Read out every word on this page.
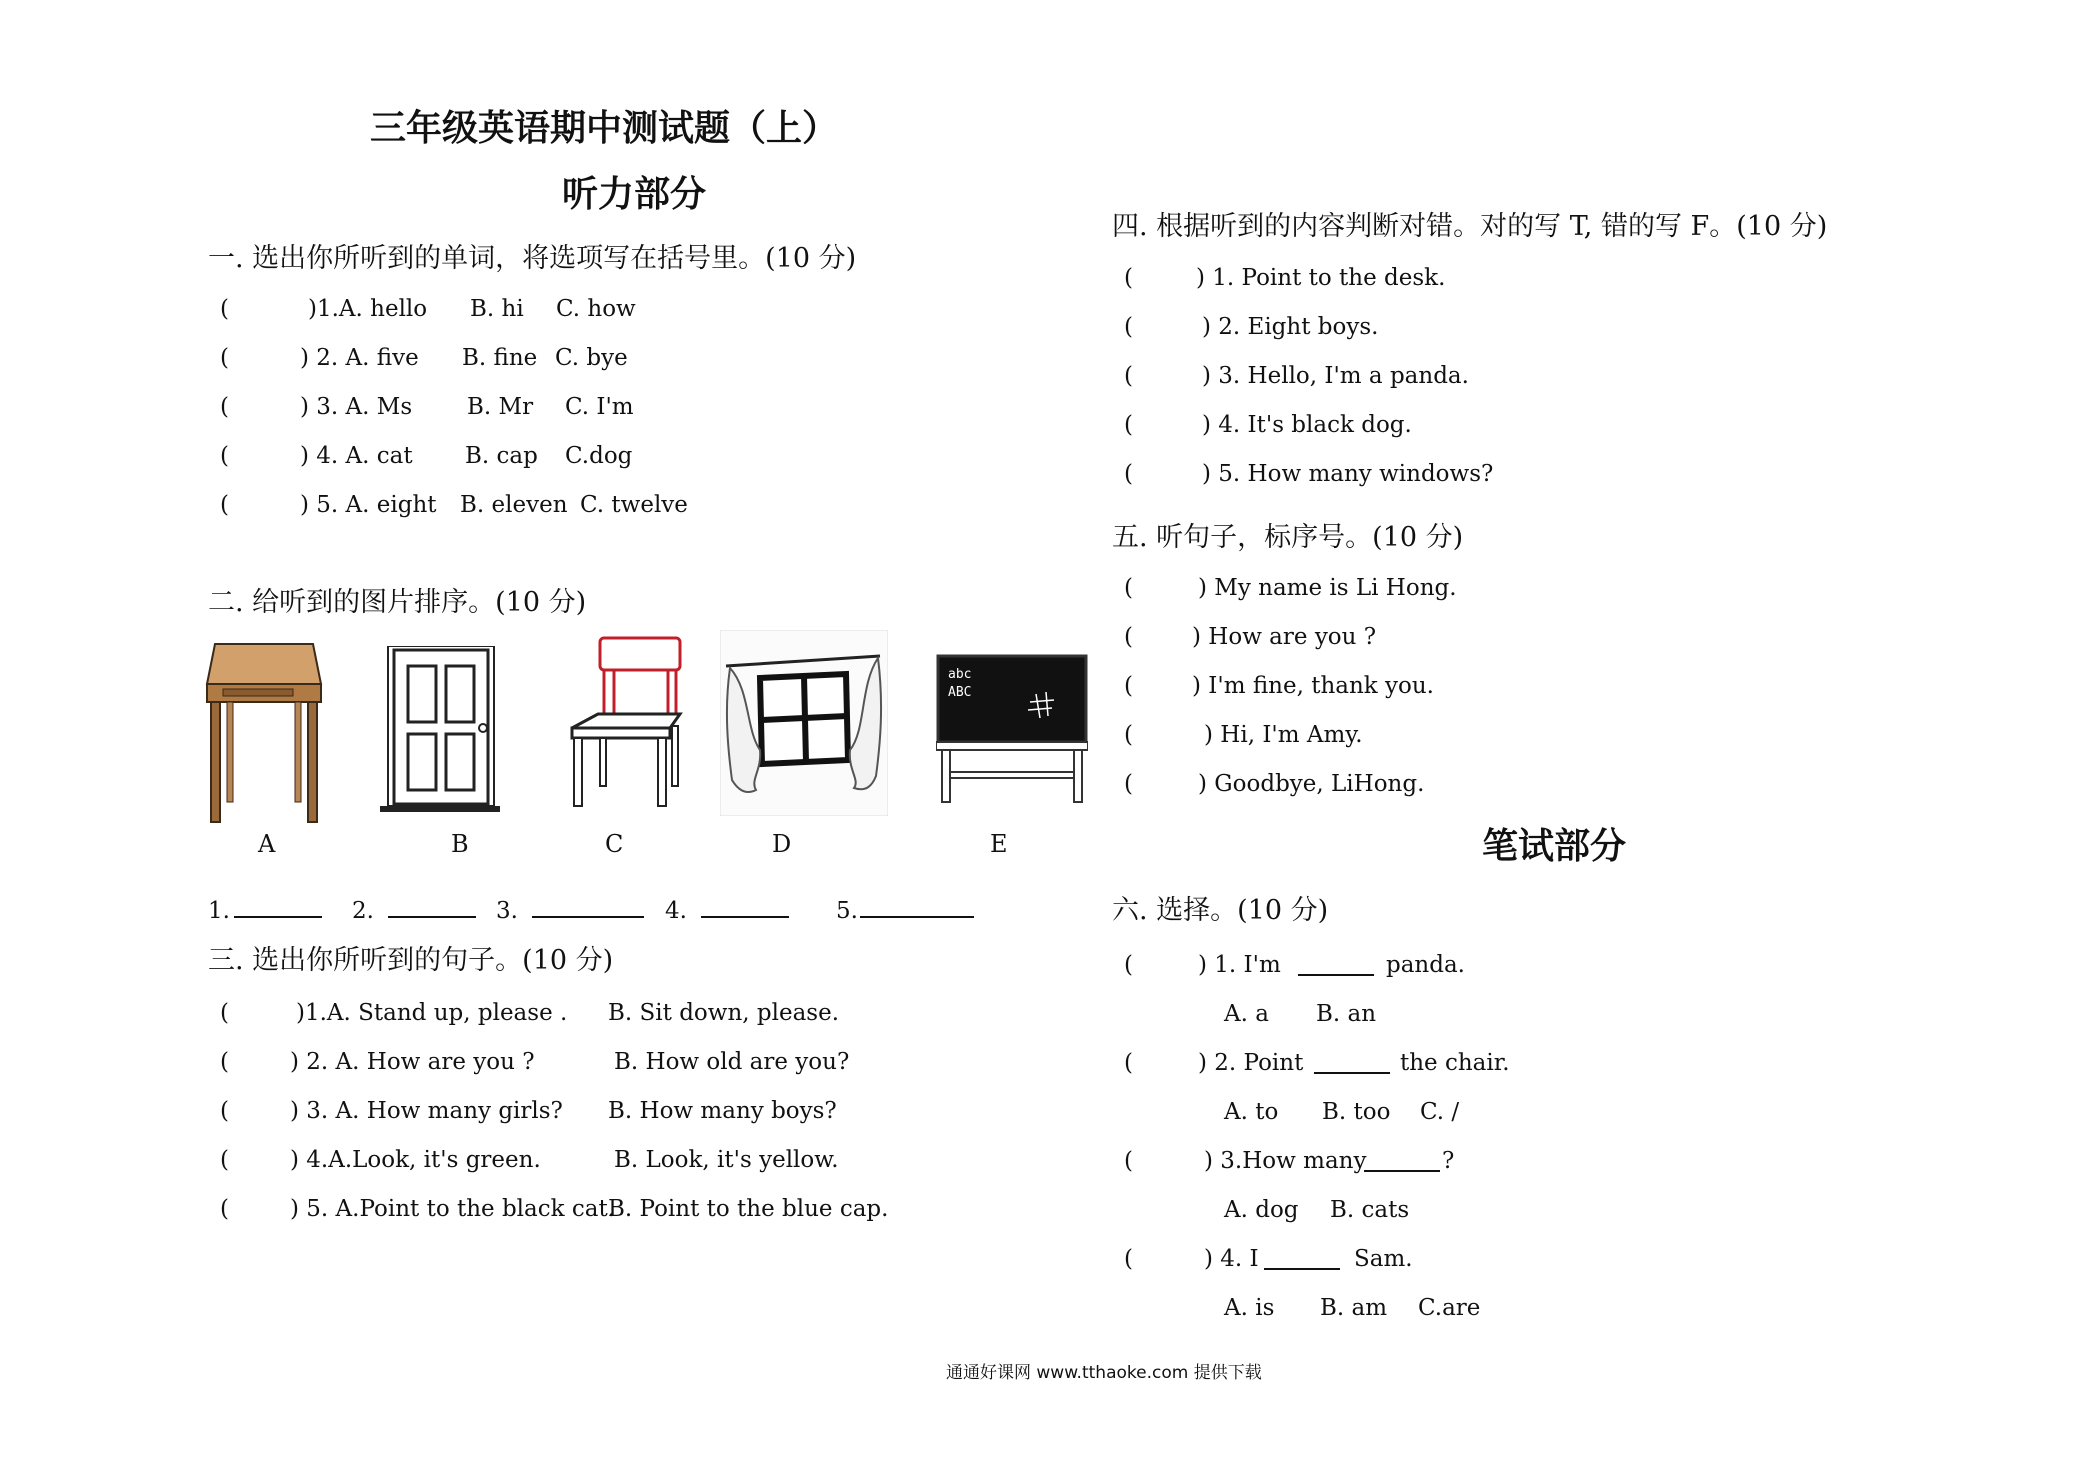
三年级英语期中测试题（上）
听力部分
一. 选出你所听到的单词，将选项写在括号里。(10 分)
(	)1.A. hello B. hi C. how
(	) 2. A. five B. fine C. bye
(	) 3. A. Ms B. Mr C. I'm
(	) 4. A. cat B. cap C.dog
(	) 5. A. eight B. eleven C. twelve
二. 给听到的图片排序。(10 分)
abc
ABC
A	B	C	D	E
1.	2.	3.	4.	5.
三. 选出你所听到的句子。(10 分)
(	)1.A. Stand up, please . B. Sit down, please.
(	) 2. A. How are you ?	B. How old are you?
(	) 3. A. How many girls? B. How many boys?
(	) 4.A.Look, it's green.	B. Look, it's yellow.
(	) 5. A.Point to the black cat.
B. Point to the blue cap.
四. 根据听到的内容判断对错。对的写 T, 错的写 F。(10 分)
(	) 1. Point to the desk.
(	) 2. Eight boys.
(	) 3. Hello, I'm a panda.
(	) 4. It's black dog.
(	) 5. How many windows?
五. 听句子，标序号。(10 分)
(	) My name is Li Hong.
(	) How are you ?
(	) I'm fine, thank you.
(	) Hi, I'm Amy.
(	) Goodbye, LiHong.
笔试部分
六. 选择。(10 分)
(	) 1. I'm	panda.
A. a B. an
(	) 2. Point	the chair.
A. to B. too C. /
(	) 3.How many	?
A. dog B. cats
(	) 4. I	Sam.
A. is B. am C.are
通通好课网 www.tthaoke.com 提供下载
